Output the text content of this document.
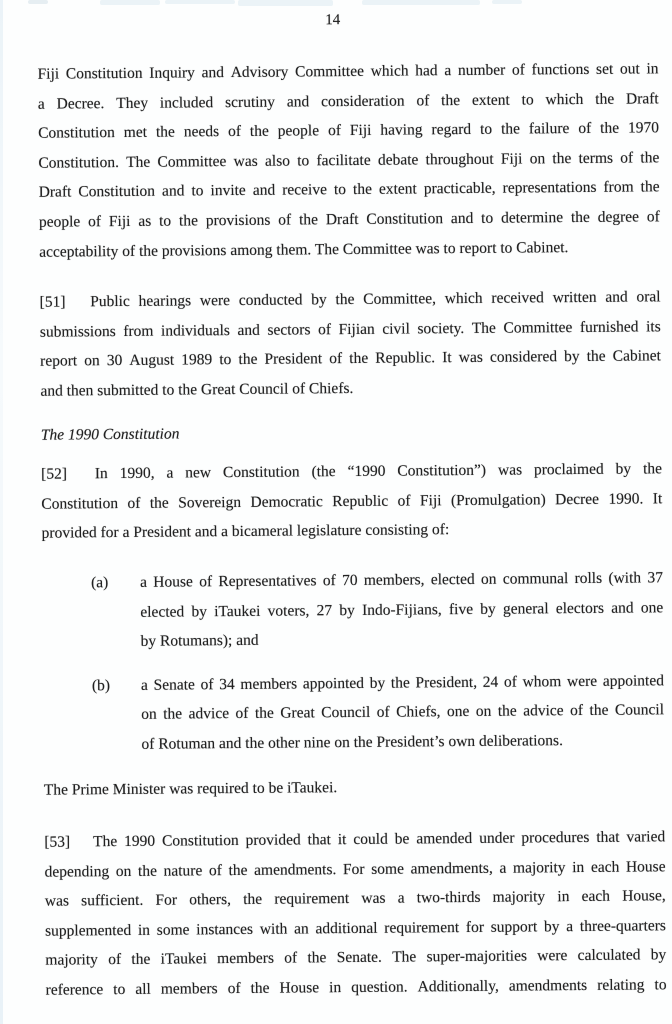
14
Fiji Constitution Inquiry and Advisory Committee which had a number of functions set out in
a Decree. They included scrutiny and consideration of the extent to which the Draft
Constitution met the needs of the people of Fiji having regard to the failure of the 1970
Constitution. The Committee was also to facilitate debate throughout Fiji on the terms of the
Draft Constitution and to invite and receive to the extent practicable, representations from the
people of Fiji as to the provisions of the Draft Constitution and to determine the degree of
acceptability of the provisions among them. The Committee was to report to Cabinet.
[51] Public hearings were conducted by the Committee, which received written and oral
submissions from individuals and sectors of Fijian civil society. The Committee furnished its
report on 30 August 1989 to the President of the Republic. It was considered by the Cabinet
and then submitted to the Great Council of Chiefs.
The 1990 Constitution
[52] In 1990, a new Constitution (the “1990 Constitution”) was proclaimed by the
Constitution of the Sovereign Democratic Republic of Fiji (Promulgation) Decree 1990. It
provided for a President and a bicameral legislature consisting of:
(a) a House of Representatives of 70 members, elected on communal rolls (with 37
elected by iTaukei voters, 27 by Indo-Fijians, five by general electors and one
by Rotumans); and
(b) a Senate of 34 members appointed by the President, 24 of whom were appointed
on the advice of the Great Council of Chiefs, one on the advice of the Council
of Rotuman and the other nine on the President’s own deliberations.
The Prime Minister was required to be iTaukei.
[53] The 1990 Constitution provided that it could be amended under procedures that varied
depending on the nature of the amendments. For some amendments, a majority in each House
was sufficient. For others, the requirement was a two-thirds majority in each House,
supplemented in some instances with an additional requirement for support by a three-quarters
majority of the iTaukei members of the Senate. The super-majorities were calculated by
reference to all members of the House in question. Additionally, amendments relating to
